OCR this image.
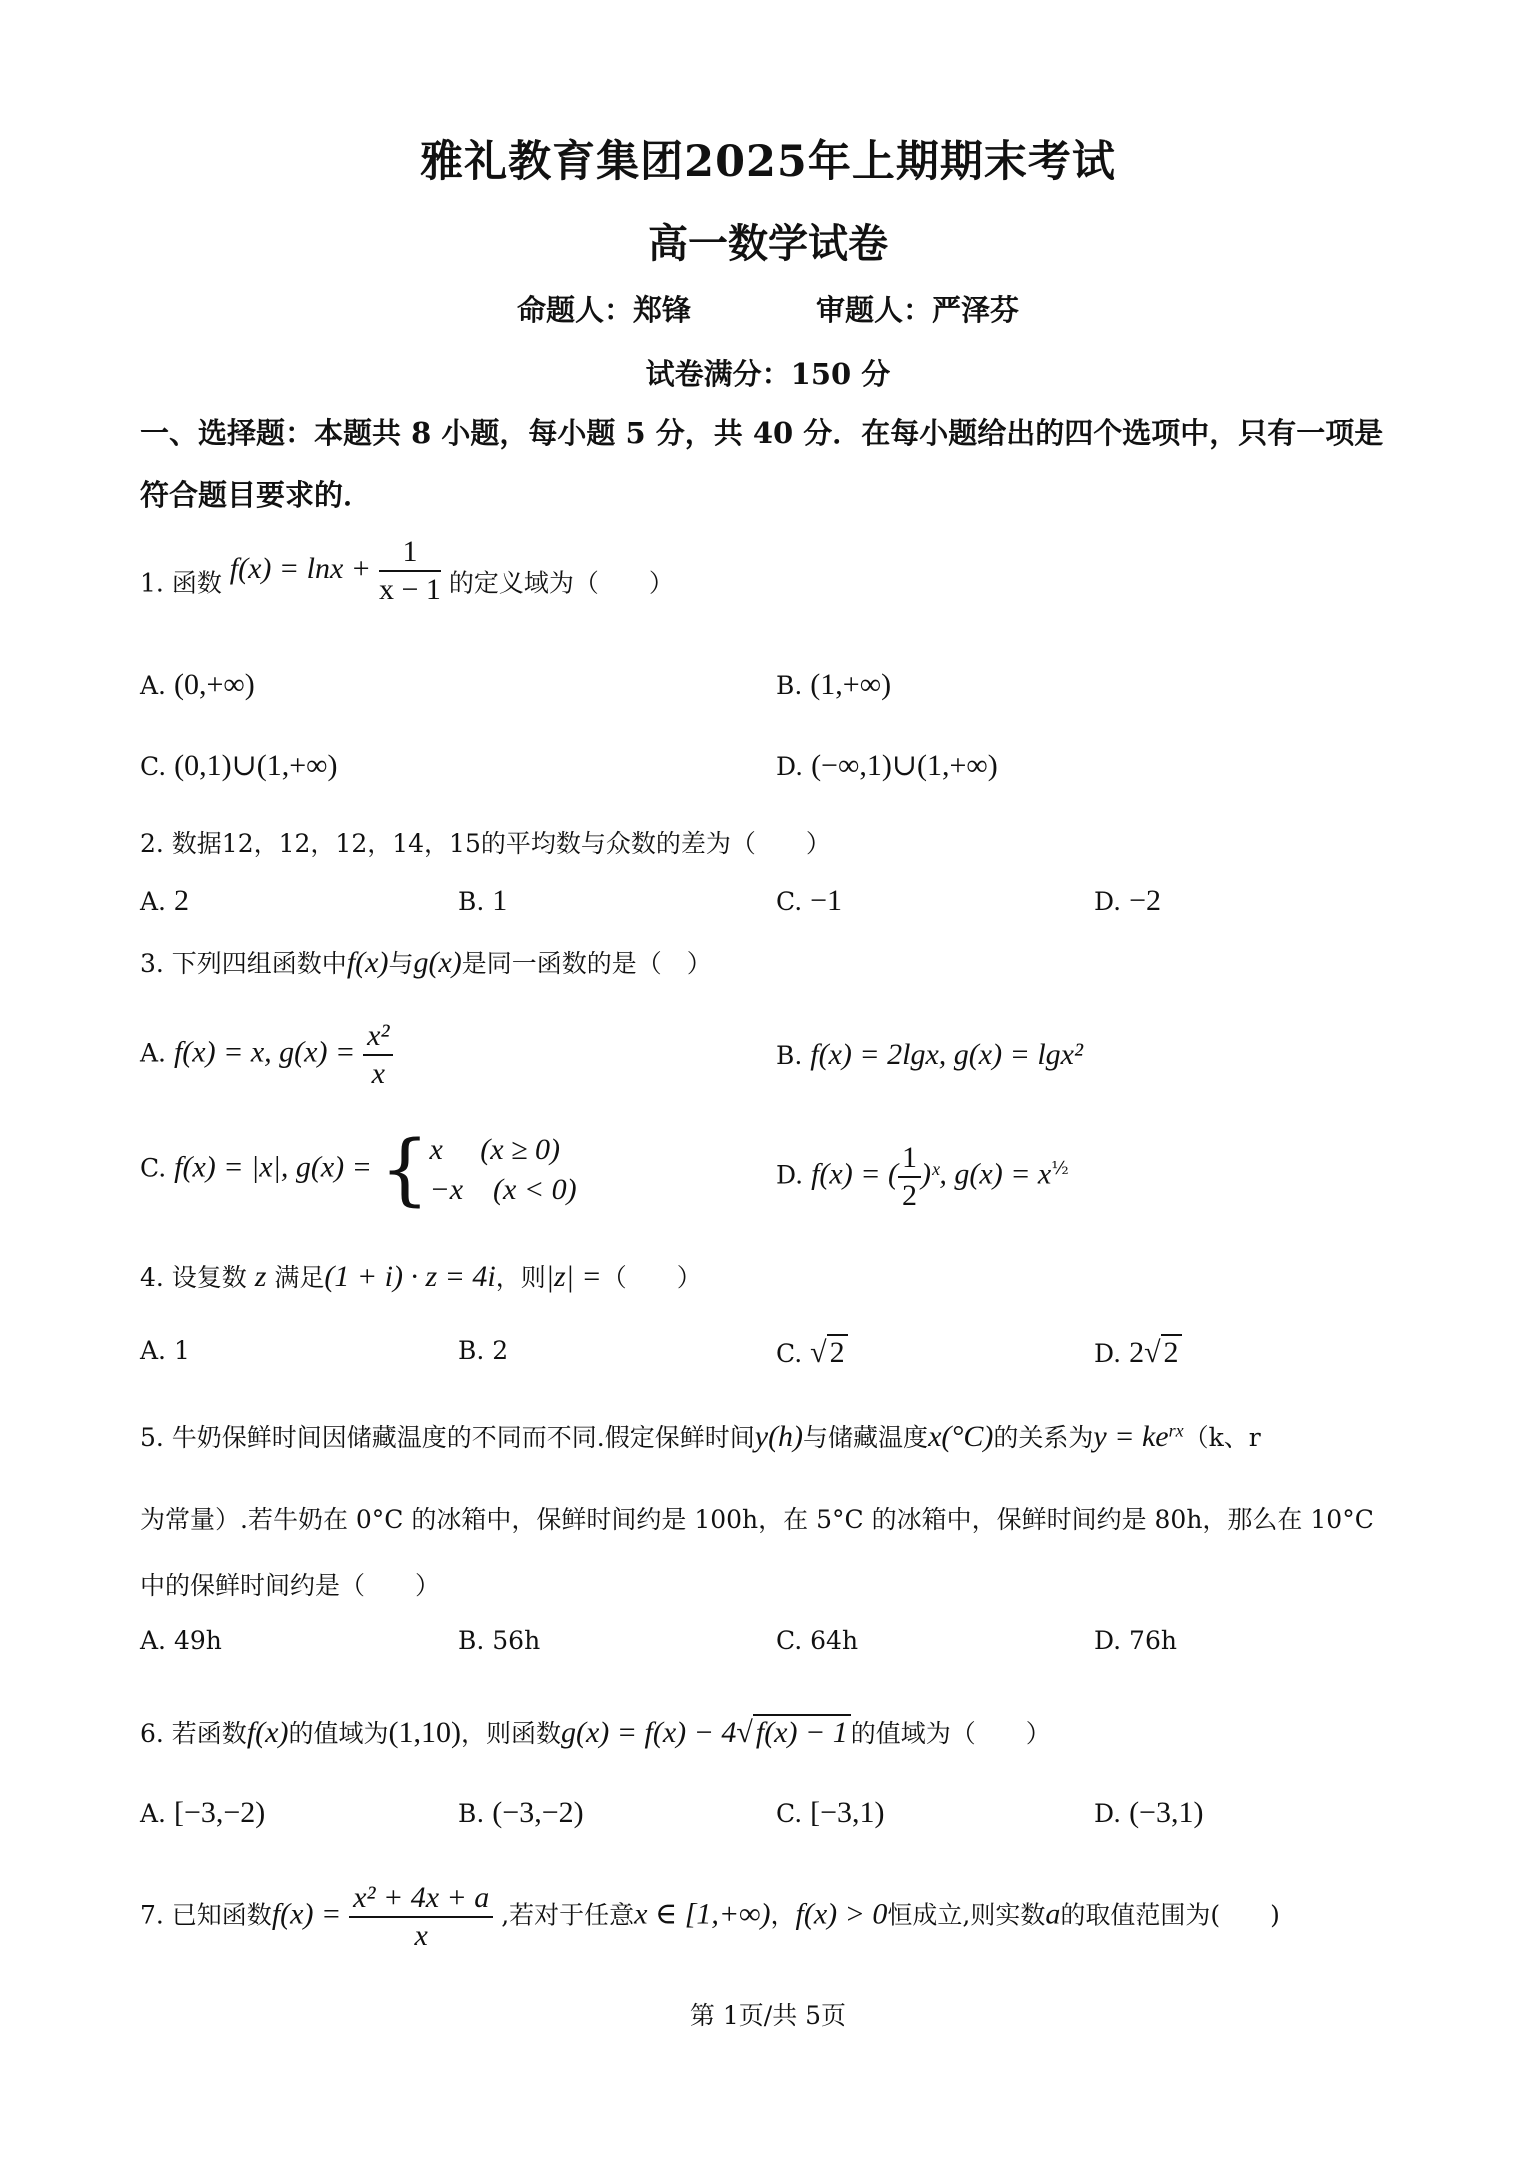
雅礼教育集团2025年上期期末考试
高一数学试卷
命题人：郑锋	审题人：严泽芬
试卷满分：150 分
一、选择题：本题共 8 小题，每小题 5 分，共 40 分．在每小题给出的四个选项中，只有一项是符合题目要求的．
1. 函数 $f(x) = \ln x + \frac{1}{x - 1}$ 的定义域为（　　）
A. (0,+∞)	B. (1,+∞)
C. (0,1)∪(1,+∞)	D. (−∞,1)∪(1,+∞)
2. 数据12，12，12，14，15的平均数与众数的差为（　　）
A. 2	B. 1	C. −1	D. −2
3. 下列四组函数中f(x)与g(x)是同一函数的是（　）
A. f(x) = x, $g(x) = \frac{\text{x²}}{x}$	B. f(x) = 2lgx, g(x) = lgx²
C. f(x) = |x|, g(x) = { x　 (x ≥ 0)
−x　(x < 0)	D. f(x) = ( $\frac{1}{2}$ )ˣ, $g(x) = x^{\frac{1}{2}}$
4. 设复数 z 满足(1 + i) · z = 4i，则|z| =（　　）
A. 1	B. 2	C. √ 2	D. 2√ 2
5. 牛奶保鲜时间因储藏温度的不同而不同.假定保鲜时间y(h)与储藏温度x(°C)的关系为$y = ke^{rx}(k$、r
为常量）.若牛奶在 0°C 的冰箱中，保鲜时间约是 100h，在 5°C 的冰箱中，保鲜时间约是 80h，那么在 10°C
中的保鲜时间约是（　　）
A. 49h	B. 56h	C. 64h	D. 76h
6. 若函数f(x)的值域为(1,10)，则函数g(x) = f(x) − 4√ f(x) − 1 的值域为（　　）
A. [−3,−2)	B. (−3,−2)	C. [−3,1)	D. (−3,1)
7. 已知函数$f(x) = \frac{\text{x² + 4x + a}}{x}$ ,若对于任意x ∈ [1,+∞)，f(x) > 0恒成立,则实数a的取值范围为(　　)
第 1页/共 5页
